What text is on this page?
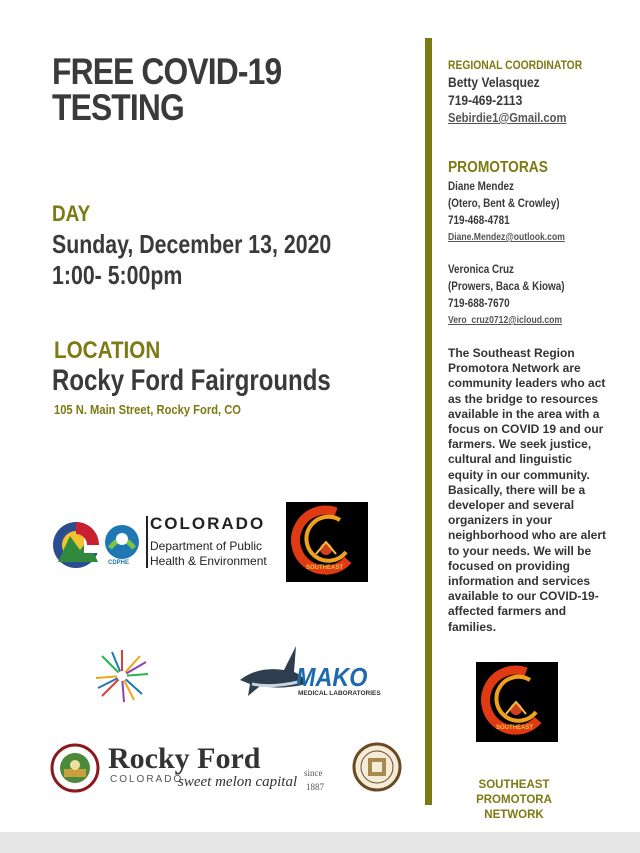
FREE COVID-19
TESTING
DAY
Sunday, December 13, 2020
1:00- 5:00pm
LOCATION
Rocky Ford Fairgrounds
105 N. Main Street, Rocky Ford, CO
CDPHE
COLORADO
Department of Public
Health & Environment	SOUTHEAST
MAKO
MEDICAL LABORATORIES
Rocky Ford
COLORADO
sweet melon capital
since
1887
REGIONAL COORDINATOR
Betty Velasquez
719-469-2113
Sebirdie1@Gmail.com
PROMOTORAS
Diane Mendez
(Otero, Bent & Crowley)
719-468-4781
Diane.Mendez@outlook.com
Veronica Cruz
(Prowers, Baca & Kiowa)
719-688-7670
Vero_cruz0712@icloud.com
The Southeast Region Promotora Network are community leaders who act as the bridge to resources available in the area with a focus on COVID 19 and our farmers. We seek justice, cultural and linguistic equity in our community. Basically, there will be a developer and several organizers in your neighborhood who are alert to your needs. We will be focused on providing information and services available to our COVID-19-affected farmers and families.
SOUTHEAST
SOUTHEAST PROMOTORA NETWORK
